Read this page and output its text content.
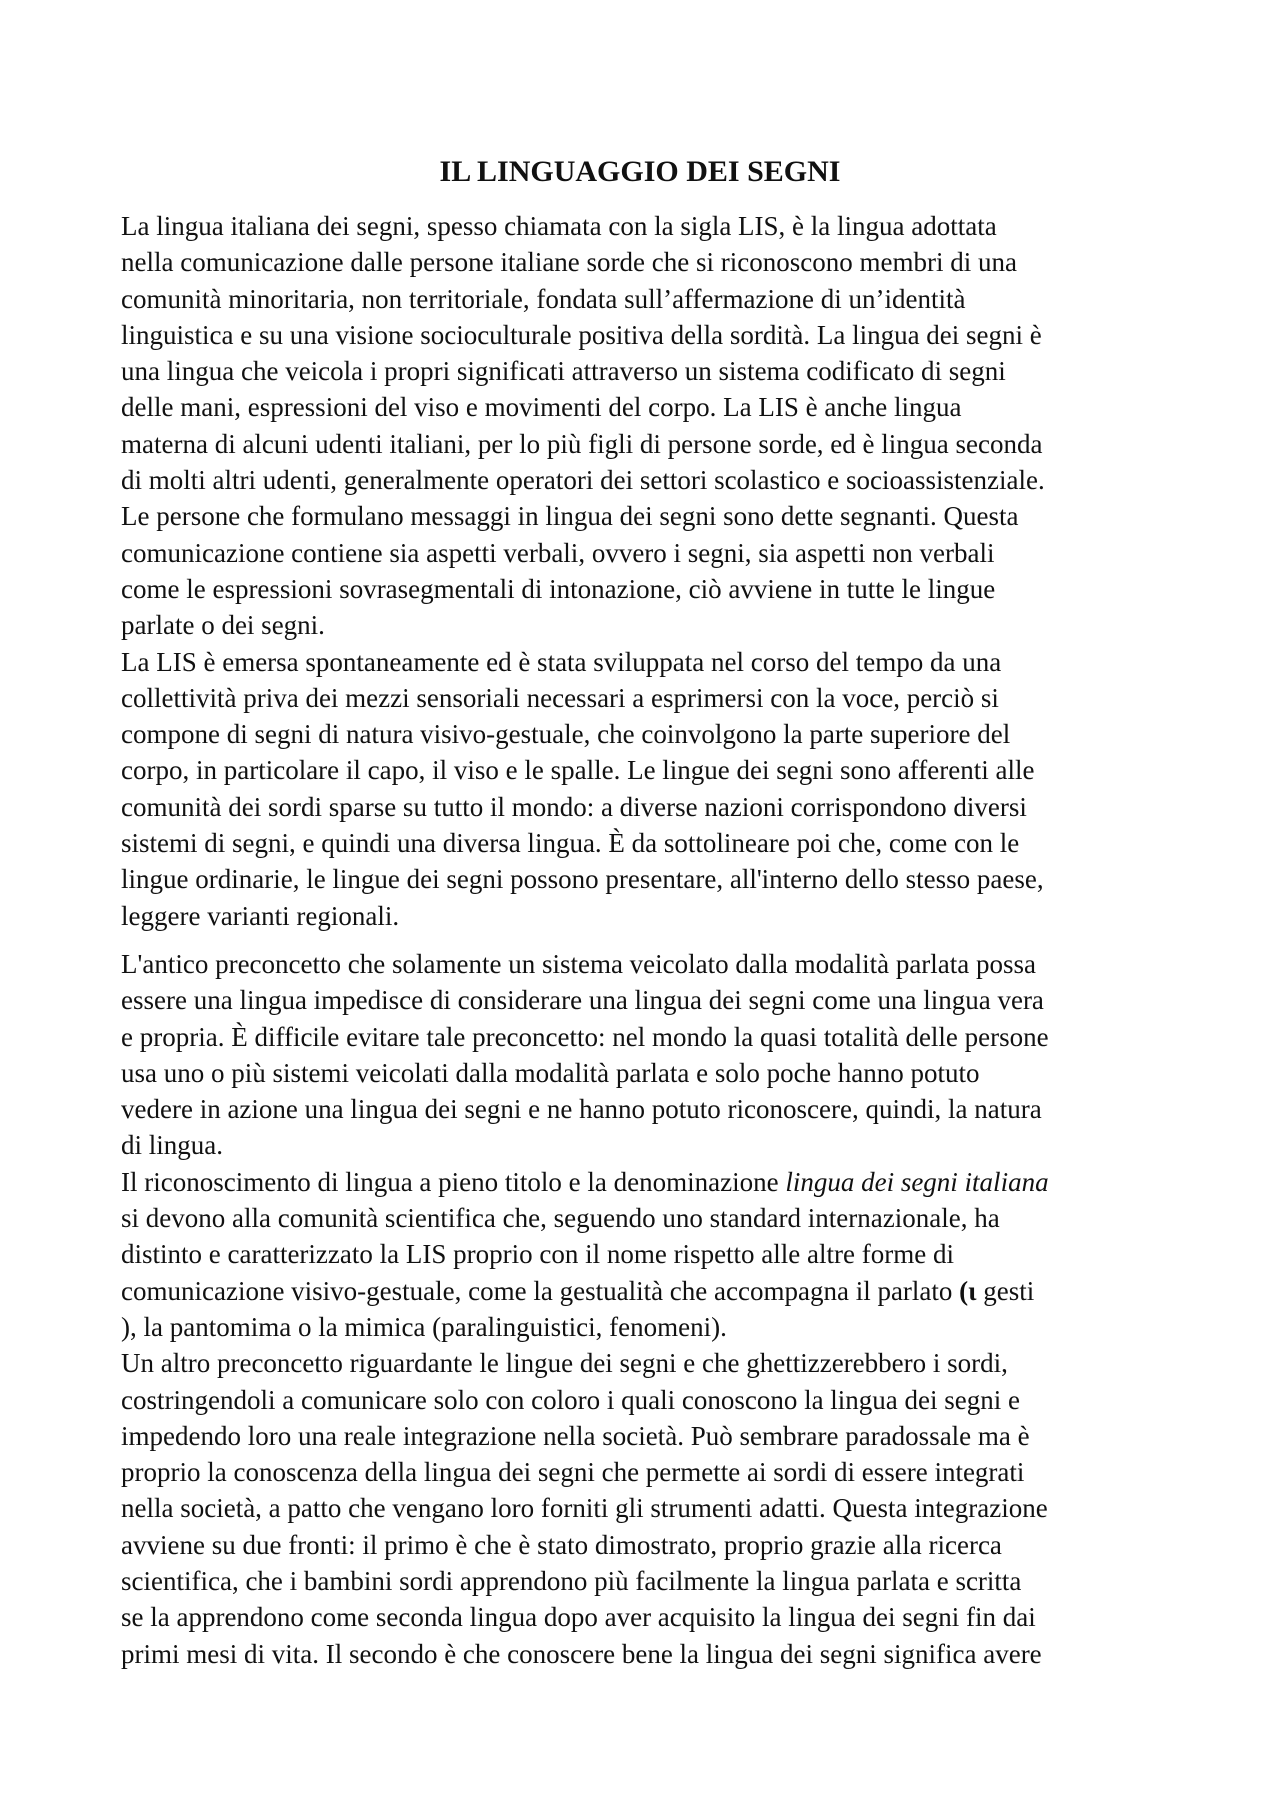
IL LINGUAGGIO DEI SEGNI
La lingua italiana dei segni, spesso chiamata con la sigla LIS, è la lingua adottata
nella comunicazione dalle persone italiane sorde che si riconoscono membri di una
comunità minoritaria, non territoriale, fondata sull’affermazione di un’identità
linguistica e su una visione socioculturale positiva della sordità. La lingua dei segni è
una lingua che veicola i propri significati attraverso un sistema codificato di segni
delle mani, espressioni del viso e movimenti del corpo. La LIS è anche lingua
materna di alcuni udenti italiani, per lo più figli di persone sorde, ed è lingua seconda
di molti altri udenti, generalmente operatori dei settori scolastico e socioassistenziale.
Le persone che formulano messaggi in lingua dei segni sono dette segnanti. Questa
comunicazione contiene sia aspetti verbali, ovvero i segni, sia aspetti non verbali
come le espressioni sovrasegmentali di intonazione, ciò avviene in tutte le lingue
parlate o dei segni.
La LIS è emersa spontaneamente ed è stata sviluppata nel corso del tempo da una
collettività priva dei mezzi sensoriali necessari a esprimersi con la voce, perciò si
compone di segni di natura visivo-gestuale, che coinvolgono la parte superiore del
corpo, in particolare il capo, il viso e le spalle. Le lingue dei segni sono afferenti alle
comunità dei sordi sparse su tutto il mondo: a diverse nazioni corrispondono diversi
sistemi di segni, e quindi una diversa lingua. È da sottolineare poi che, come con le
lingue ordinarie, le lingue dei segni possono presentare, all'interno dello stesso paese,
leggere varianti regionali.
L'antico preconcetto che solamente un sistema veicolato dalla modalità parlata possa
essere una lingua impedisce di considerare una lingua dei segni come una lingua vera
e propria. È difficile evitare tale preconcetto: nel mondo la quasi totalità delle persone
usa uno o più sistemi veicolati dalla modalità parlata e solo poche hanno potuto
vedere in azione una lingua dei segni e ne hanno potuto riconoscere, quindi, la natura
di lingua.
Il riconoscimento di lingua a pieno titolo e la denominazione lingua dei segni italiana
si devono alla comunità scientifica che, seguendo uno standard internazionale, ha
distinto e caratterizzato la LIS proprio con il nome rispetto alle altre forme di
comunicazione visivo-gestuale, come la gestualità che accompagna il parlato (ɩ gesti
), la pantomima o la mimica (paralinguistici, fenomeni).
Un altro preconcetto riguardante le lingue dei segni e che ghettizzerebbero i sordi,
costringendoli a comunicare solo con coloro i quali conoscono la lingua dei segni e
impedendo loro una reale integrazione nella società. Può sembrare paradossale ma è
proprio la conoscenza della lingua dei segni che permette ai sordi di essere integrati
nella società, a patto che vengano loro forniti gli strumenti adatti. Questa integrazione
avviene su due fronti: il primo è che è stato dimostrato, proprio grazie alla ricerca
scientifica, che i bambini sordi apprendono più facilmente la lingua parlata e scritta
se la apprendono come seconda lingua dopo aver acquisito la lingua dei segni fin dai
primi mesi di vita. Il secondo è che conoscere bene la lingua dei segni significa avere
